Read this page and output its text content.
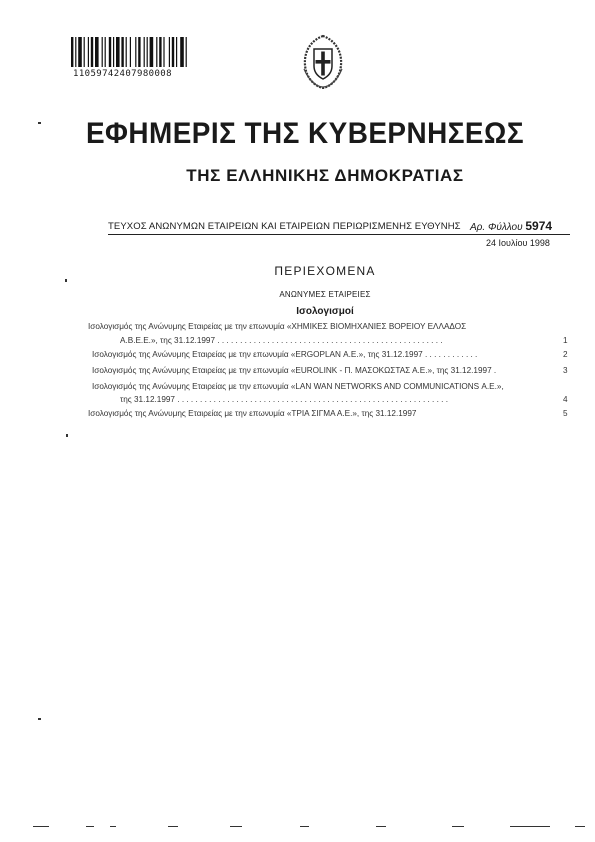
11059742407980008
ΕΦΗΜΕΡΙΣ ΤΗΣ ΚΥΒΕΡΝΗΣΕΩΣ
ΤΗΣ ΕΛΛΗΝΙΚΗΣ ΔΗΜΟΚΡΑΤΙΑΣ
ΤΕΥΧΟΣ ΑΝΩΝΥΜΩΝ ΕΤΑΙΡΕΙΩΝ ΚΑΙ ΕΤΑΙΡΕΙΩΝ ΠΕΡΙΩΡΙΣΜΕΝΗΣ ΕΥΘΥΝΗΣ Αρ. Φύλλου 5974
24 Ιουλίου 1998
ΠΕΡΙΕΧΟΜΕΝΑ
ΑΝΩΝΥΜΕΣ ΕΤΑΙΡΕΙΕΣ
Ισολογισμοί
Ισολογισμός της Ανώνυμης Εταιρείας με την επωνυμία «ΧΗΜΙΚΕΣ ΒΙΟΜΗΧΑΝΙΕΣ ΒΟΡΕΙΟΥ ΕΛΛΑΔΟΣ
Α.Β.Ε.Ε.», της 31.12.1997 . . . . . . . . . . . . . . . . . . . . . . . . . . . . . . . . . . . . . . . . . . . . . . . . . .	1
Ισολογισμός της Ανώνυμης Εταιρείας με την επωνυμία «ERGOPLAN Α.Ε.», της 31.12.1997 . . . . . . . . . . . .	2
Ισολογισμός της Ανώνυμης Εταιρείας με την επωνυμία «EUROLINK - Π. ΜΑΣΟΚΩΣΤΑΣ Α.Ε.», της 31.12.1997 .	3
Ισολογισμός της Ανώνυμης Εταιρείας με την επωνυμία «LAN WAN NETWORKS AND COMMUNICATIONS Α.Ε.»,
της 31.12.1997 . . . . . . . . . . . . . . . . . . . . . . . . . . . . . . . . . . . . . . . . . . . . . . . . . . . . . . . . . . . .	4
Ισολογισμός της Ανώνυμης Εταιρείας με την επωνυμία «ΤΡΙΑ ΣΙΓΜΑ Α.Ε.», της 31.12.1997	5
